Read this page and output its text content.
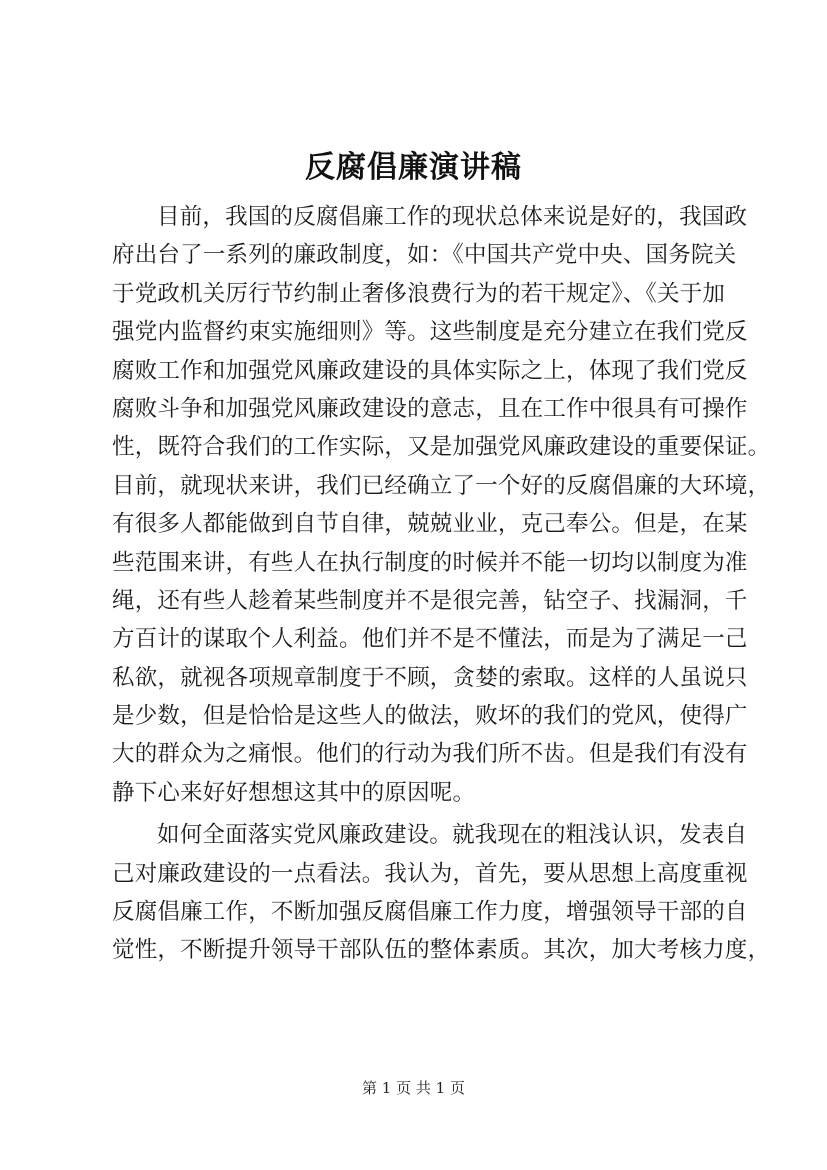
反腐倡廉演讲稿
目前，我国的反腐倡廉工作的现状总体来说是好的，我国政
府出台了一系列的廉政制度，如：《中国共产党中央、国务院关
于党政机关厉行节约制止奢侈浪费行为的若干规定》、《关于加
强党内监督约束实施细则》等。这些制度是充分建立在我们党反
腐败工作和加强党风廉政建设的具体实际之上，体现了我们党反
腐败斗争和加强党风廉政建设的意志，且在工作中很具有可操作
性，既符合我们的工作实际，又是加强党风廉政建设的重要保证。
目前，就现状来讲，我们已经确立了一个好的反腐倡廉的大环境，
有很多人都能做到自节自律，兢兢业业，克己奉公。但是，在某
些范围来讲，有些人在执行制度的时候并不能一切均以制度为准
绳，还有些人趁着某些制度并不是很完善，钻空子、找漏洞，千
方百计的谋取个人利益。他们并不是不懂法，而是为了满足一己
私欲，就视各项规章制度于不顾，贪婪的索取。这样的人虽说只
是少数，但是恰恰是这些人的做法，败坏的我们的党风，使得广
大的群众为之痛恨。他们的行动为我们所不齿。但是我们有没有
静下心来好好想想这其中的原因呢。
如何全面落实党风廉政建设。就我现在的粗浅认识，发表自
己对廉政建设的一点看法。我认为，首先，要从思想上高度重视
反腐倡廉工作，不断加强反腐倡廉工作力度，增强领导干部的自
觉性，不断提升领导干部队伍的整体素质。其次，加大考核力度，
第 1 页 共 1 页
